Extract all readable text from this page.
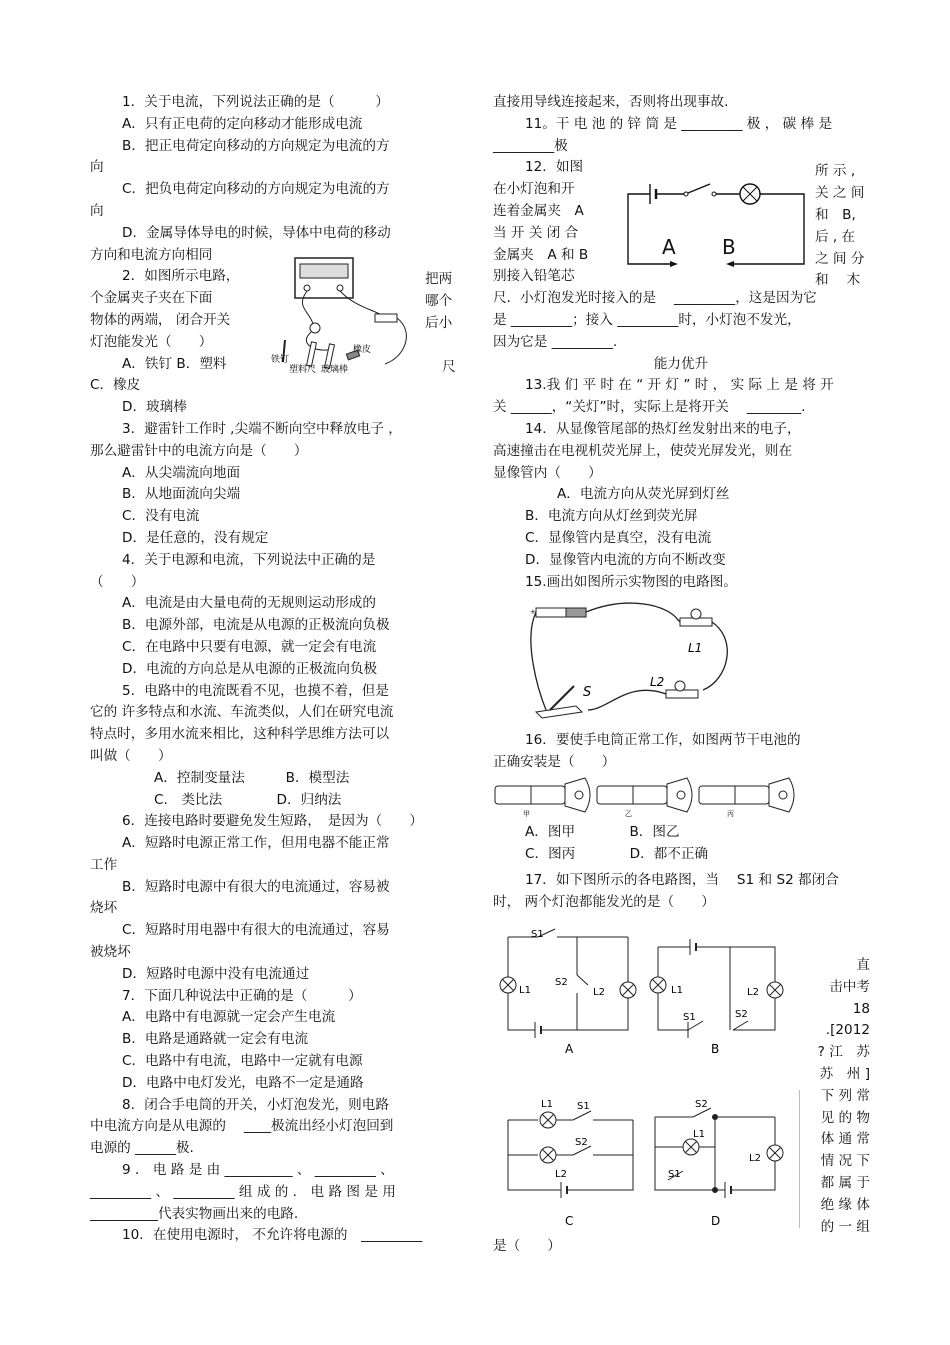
1．关于电流，下列说法正确的是（　　　）
A．只有正电荷的定向移动才能形成电流
B．把正电荷定向移动的方向规定为电流的方
向
C．把负电荷定向移动的方向规定为电流的方
向
D．金属导体导电的时候，导体中电荷的移动
方向和电流方向相同
2．如图所示电路，
个金属夹子夹在下面
物体的两端， 闭合开关
灯泡能发光（　　）
A．铁钉 B．塑料
C．橡皮
D．玻璃棒
3．避雷针工作时 ,尖端不断向空中释放电子 ，
那么避雷针中的电流方向是（　　）
A．从尖端流向地面
B．从地面流向尖端
C．没有电流
D．是任意的，没有规定
4．关于电源和电流，下列说法中正确的是
（　　）
A．电流是由大量电荷的无规则运动形成的
B．电源外部，电流是从电源的正极流向负极
C．在电路中只要有电源，就一定会有电流
D．电流的方向总是从电源的正极流向负极
5．电路中的电流既看不见，也摸不着，但是
它的 许多特点和水流、车流类似，人们在研究电流
特点时，多用水流来相比，这种科学思维方法可以
叫做（　　）
A．控制变量法　　　B．模型法
C.　类比法　　　　D．归纳法
6．连接电路时要避免发生短路，　是因为（　　）
A．短路时电源正常工作，但用电器不能正常
工作
B．短路时电源中有很大的电流通过，容易被
烧坏
C．短路时用电器中有很大的电流通过，容易
被烧坏
D．短路时电源中没有电流通过
7．下面几种说法中正确的是（　　　）
A．电路中有电源就一定会产生电流
B．电路是通路就一定会有电流
C．电路中有电流，电路中一定就有电源
D．电路中电灯发光，电路不一定是通路
8．闭合手电筒的开关，小灯泡发光，则电路
中电流方向是从电源的　 ____极流出经小灯泡回到
电源的 ______极.
9 ． 电 路 是 由 __________ 、 _________ 、
_________ 、 _________ 组 成 的 ． 电 路 图 是 用
__________代表实物画出来的电路.
10．在使用电源时， 不允许将电源的　_________
把两
哪个
后小
尺
铁钉
橡皮
塑料尺 玻璃棒
直接用导线连接起来，否则将出现事故.
11。干 电 池 的 锌 筒 是 _________ 极 ， 碳 棒 是
_________极
12．如图
在小灯泡和开
连着金属夹　A
当 开 关 闭 合
金属夹　A 和 B
别接入铅笔芯
尺．小灯泡发光时接入的是　 _________，这是因为它
是 _________；接入 _________时，小灯泡不发光，
因为它是 _________.
能力优升
13.我 们 平 时 在 “ 开 灯 ” 时 ， 实 际 上 是 将 开
关 ______，“关灯”时，实际上是将开关　 ________.
14．从显像管尾部的热灯丝发射出来的电子，
高速撞击在电视机荧光屏上，使荧光屏发光，则在
显像管内（　　）
A．电流方向从荧光屏到灯丝
B．电流方向从灯丝到荧光屏
C．显像管内是真空，没有电流
D．显像管内电流的方向不断改变
15.画出如图所示实物图的电路图。
所 示 ,
关 之 间
和　B,
后 , 在
之 间 分
和　 木
A B
+
L1
L2
S
16．要使手电筒正常工作，如图两节干电池的
正确安装是（　　）
甲	乙	丙
A．图甲　　　　B．图乙
C．图丙　　　　D．都不正确
17．如下图所示的各电路图，当　 S1 和 S2 都闭合
时， 两个灯泡都能发光的是（　　）
S1
S2
L1	L2
A
L1	L2
S1	S2
B
L1 S1
S2
L2
C
S2
L1
S1
L2
D
直
击中考
18
.[2012
? 江　苏
苏　州 ]
下 列 常
见 的 物
体 通 常
情 况 下
都 属 于
绝 缘 体
的 一 组
是（　　）
